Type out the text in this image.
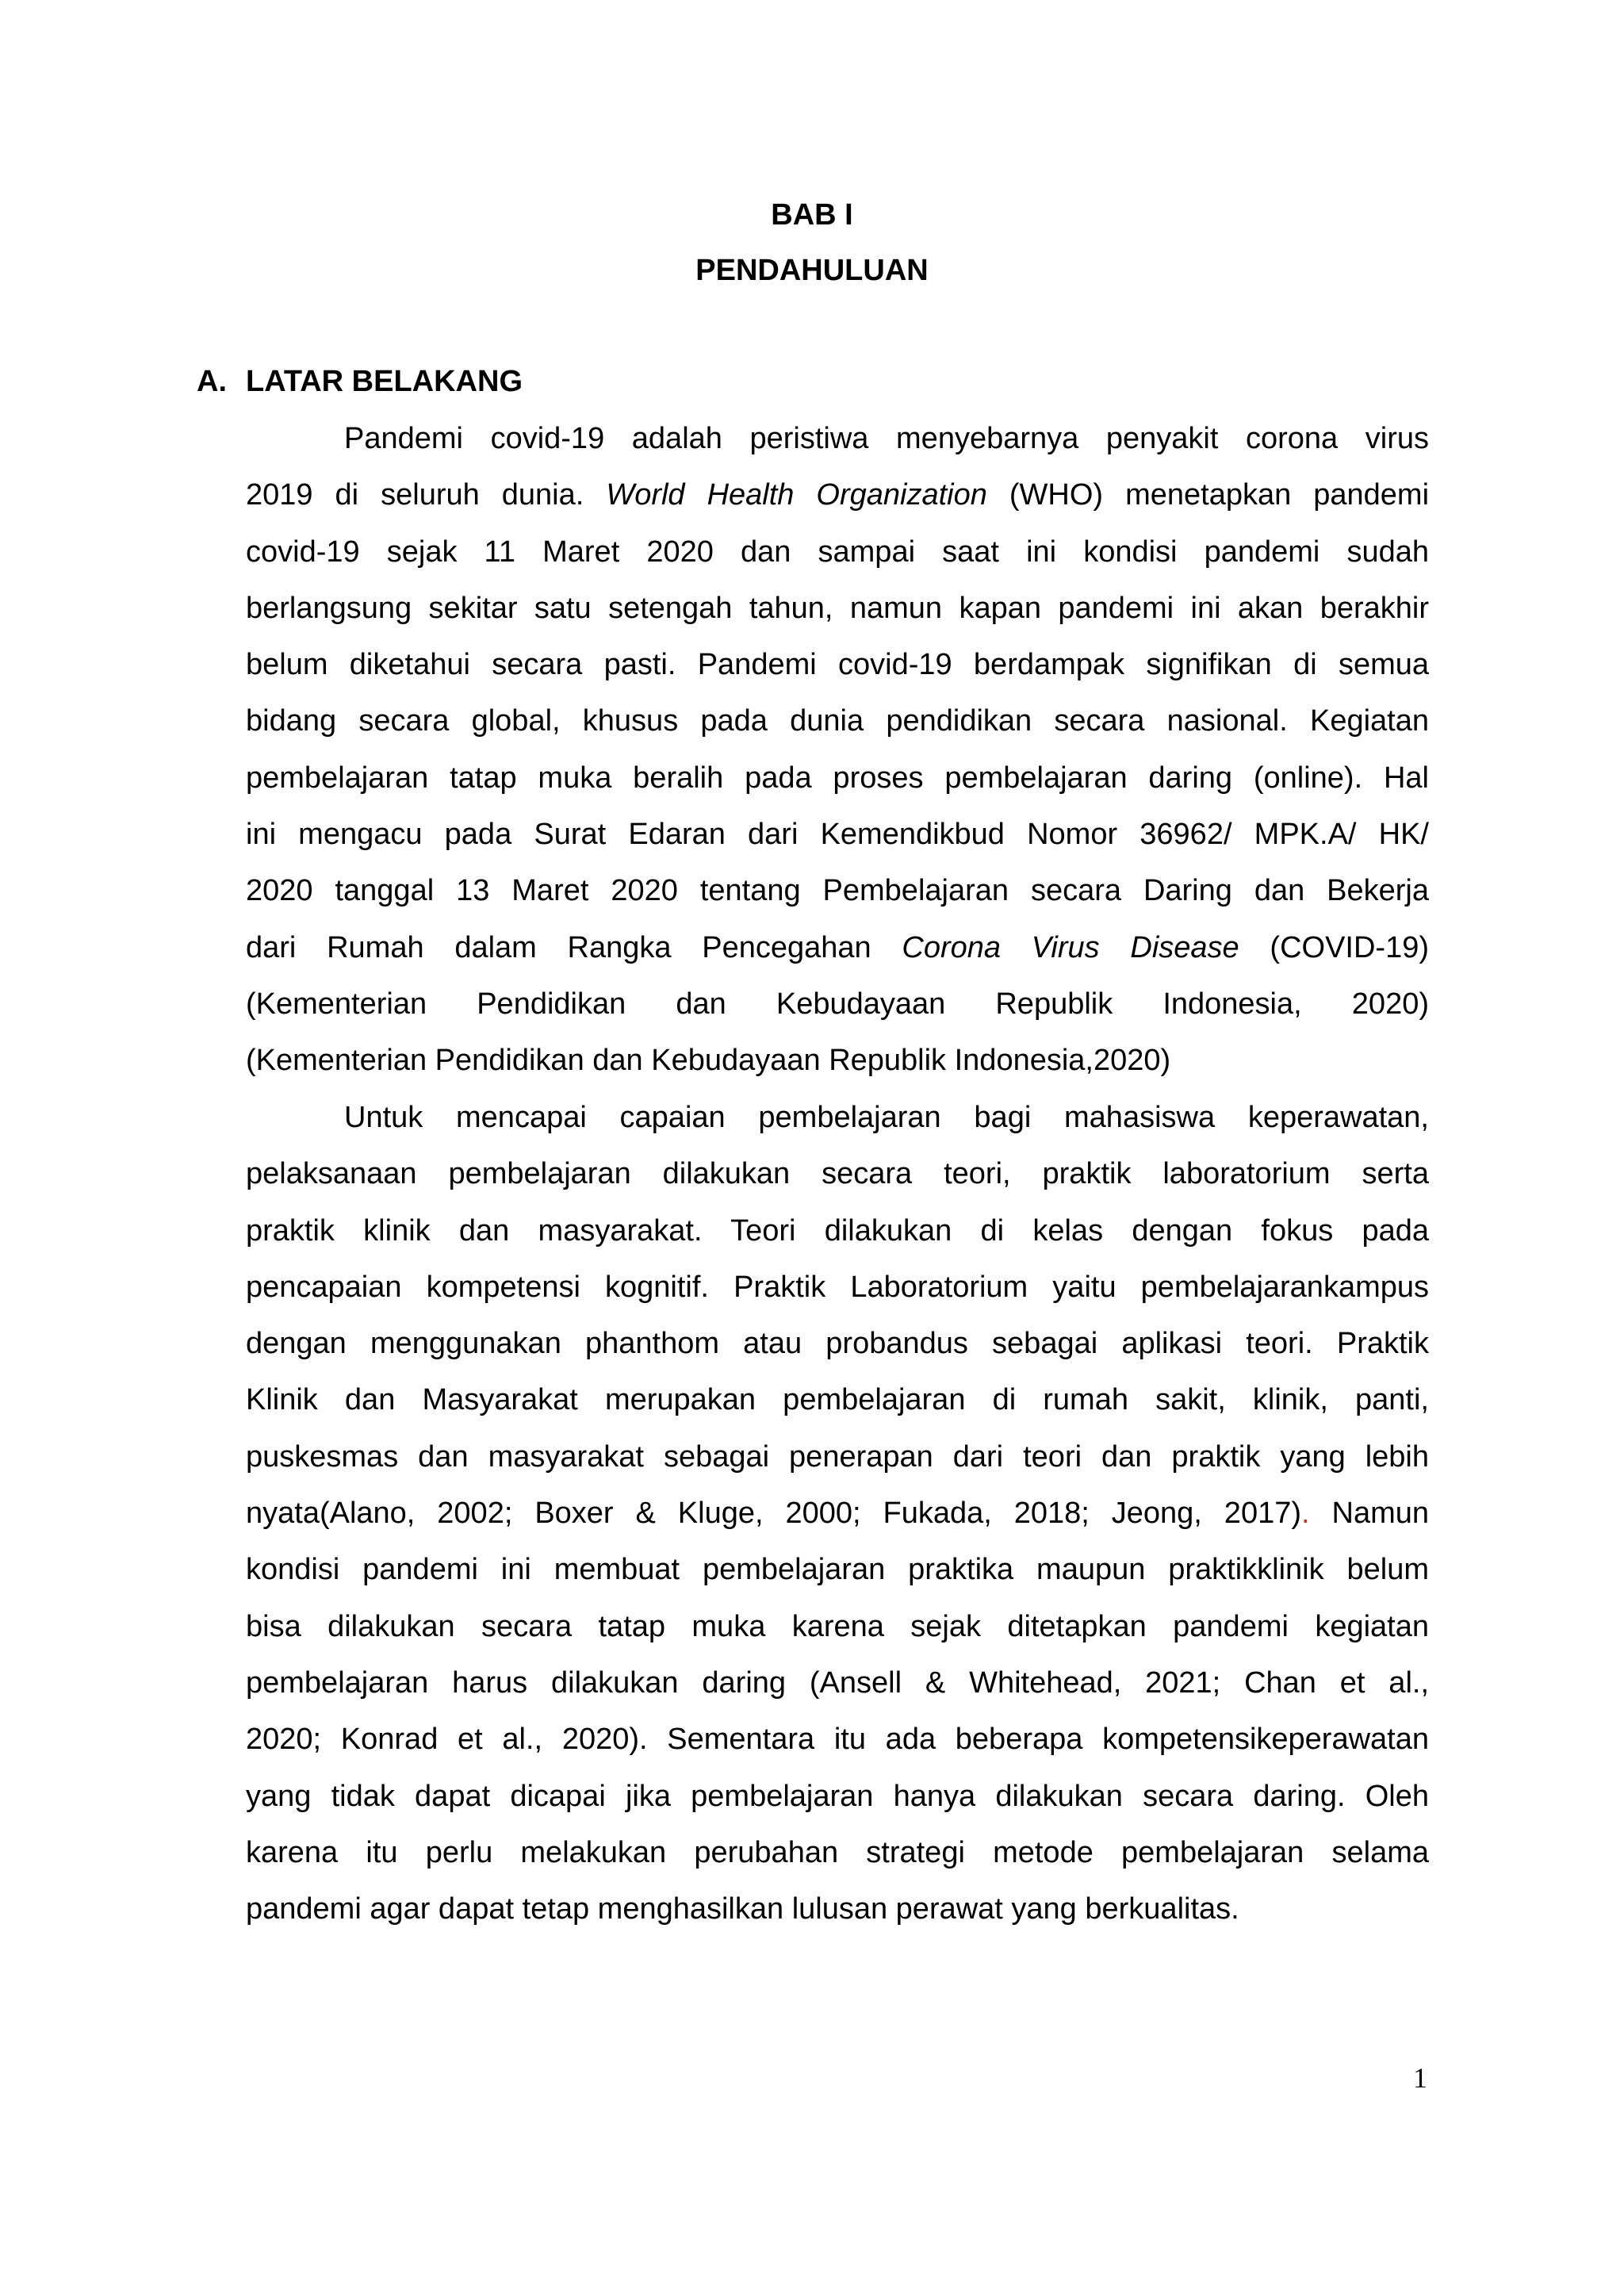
BAB I
PENDAHULUAN
A. LATAR BELAKANG
Pandemi covid-19 adalah peristiwa menyebarnya penyakit corona virus
2019 di seluruh dunia. World Health Organization (WHO) menetapkan pandemi
covid-19 sejak 11 Maret 2020 dan sampai saat ini kondisi pandemi sudah
berlangsung sekitar satu setengah tahun, namun kapan pandemi ini akan berakhir
belum diketahui secara pasti. Pandemi covid-19 berdampak signifikan di semua
bidang secara global, khusus pada dunia pendidikan secara nasional. Kegiatan
pembelajaran tatap muka beralih pada proses pembelajaran daring (online). Hal
ini mengacu pada Surat Edaran dari Kemendikbud Nomor 36962/ MPK.A/ HK/
2020 tanggal 13 Maret 2020 tentang Pembelajaran secara Daring dan Bekerja
dari Rumah dalam Rangka Pencegahan Corona Virus Disease (COVID-19)
(Kementerian Pendidikan dan Kebudayaan Republik Indonesia, 2020)
(Kementerian Pendidikan dan Kebudayaan Republik Indonesia,2020)
Untuk mencapai capaian pembelajaran bagi mahasiswa keperawatan,
pelaksanaan pembelajaran dilakukan secara teori, praktik laboratorium serta
praktik klinik dan masyarakat. Teori dilakukan di kelas dengan fokus pada
pencapaian kompetensi kognitif. Praktik Laboratorium yaitu pembelajarankampus
dengan menggunakan phanthom atau probandus sebagai aplikasi teori. Praktik
Klinik dan Masyarakat merupakan pembelajaran di rumah sakit, klinik, panti,
puskesmas dan masyarakat sebagai penerapan dari teori dan praktik yang lebih
nyata(Alano, 2002; Boxer & Kluge, 2000; Fukada, 2018; Jeong, 2017). Namun
kondisi pandemi ini membuat pembelajaran praktika maupun praktikklinik belum
bisa dilakukan secara tatap muka karena sejak ditetapkan pandemi kegiatan
pembelajaran harus dilakukan daring (Ansell & Whitehead, 2021; Chan et al.,
2020; Konrad et al., 2020). Sementara itu ada beberapa kompetensikeperawatan
yang tidak dapat dicapai jika pembelajaran hanya dilakukan secara daring. Oleh
karena itu perlu melakukan perubahan strategi metode pembelajaran selama
pandemi agar dapat tetap menghasilkan lulusan perawat yang berkualitas.
1
